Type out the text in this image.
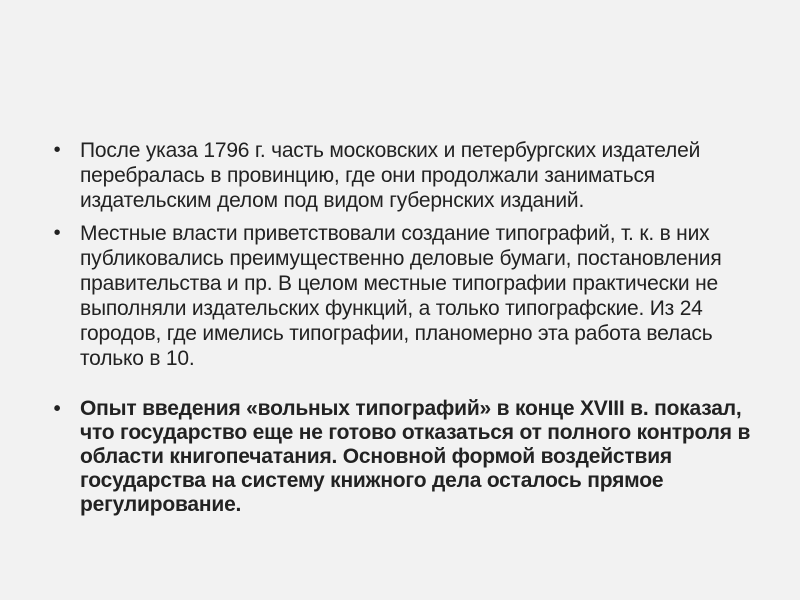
• После указа 1796 г. часть московских и петербургских издателей перебралась в провинцию, где они продолжали заниматься издательским делом под видом губернских изданий.
• Местные власти приветствовали создание типографий, т. к. в них публиковались преимущественно деловые бумаги, постановления правительства и пр. В целом местные типографии практически не выполняли издательских функций, а только типографские. Из 24 городов, где имелись типографии, планомерно эта работа велась только в 10.
• Опыт введения «вольных типографий» в конце XVIII в. показал, что государство еще не готово отказаться от полного контроля в области книгопечатания. Основной формой воздействия государства на систему книжного дела осталось прямое регулирование.
